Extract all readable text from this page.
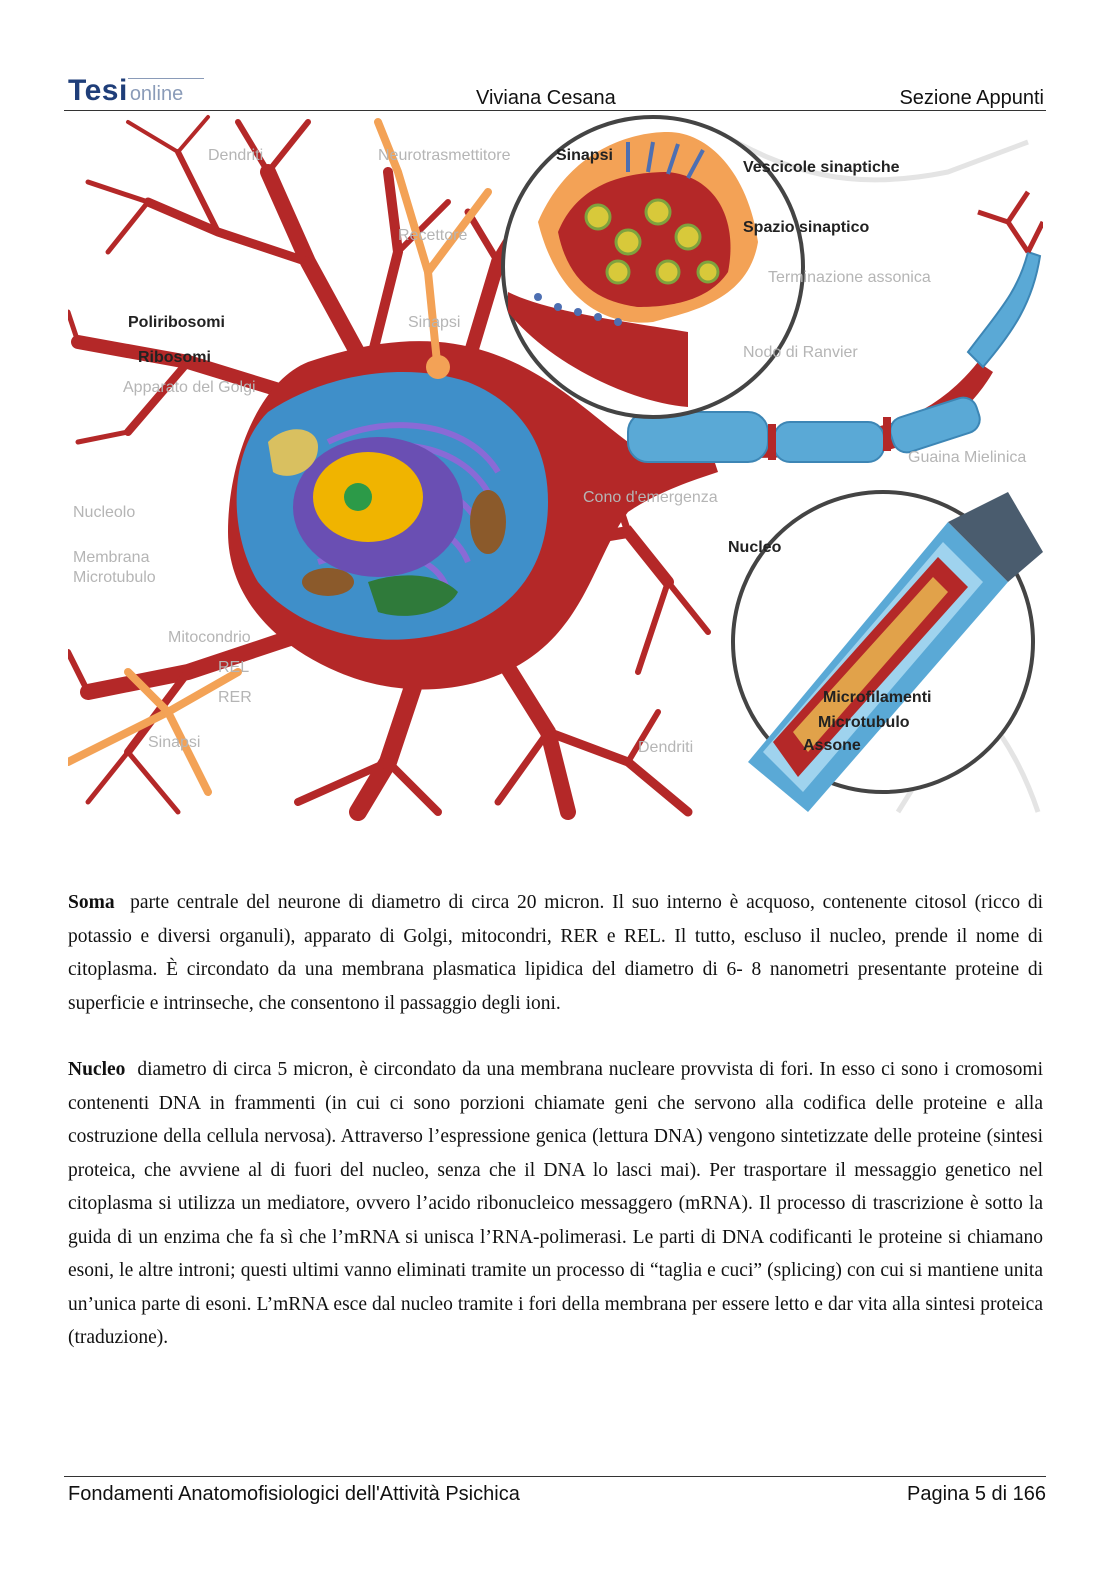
Tesi online	Viviana Cesana	Sezione Appunti
Sinapsi
Vescicole sinaptiche
Spazio sinaptico
Poliribosomi
Ribosomi
Nucleo
Microfilamenti
Microtubulo
Assone
Dendriti	Neurotrasmettitore
Recettore
Apparato del Golgi
Nucleolo
Membrana
Microtubulo
Mitocondrio
REL
Sinapsi
Terminazione assonica
Nodo di Ranvier
Guaina Mielinica
Cono d'emergenza
Dendriti
RER
Sinapsi

Soma parte centrale del neurone di diametro di circa 20 micron. Il suo interno è acquoso, contenente citosol (ricco di potassio e diversi organuli), apparato di Golgi, mitocondri, RER e REL. Il tutto, escluso il nucleo, prende il nome di citoplasma. È circondato da una membrana plasmatica lipidica del diametro di 6- 8 nanometri presentante proteine di superficie e intrinseche, che consentono il passaggio degli ioni.

Nucleo diametro di circa 5 micron, è circondato da una membrana nucleare provvista di fori. In esso ci sono i cromosomi contenenti DNA in frammenti (in cui ci sono porzioni chiamate geni che servono alla codifica delle proteine e alla costruzione della cellula nervosa). Attraverso l’espressione genica (lettura DNA) vengono sintetizzate delle proteine (sintesi proteica, che avviene al di fuori del nucleo, senza che il DNA lo lasci mai). Per trasportare il messaggio genetico nel citoplasma si utilizza un mediatore, ovvero l’acido ribonucleico messaggero (mRNA). Il processo di trascrizione è sotto la guida di un enzima che fa sì che l’mRNA si unisca l’RNA-polimerasi. Le parti di DNA codificanti le proteine si chiamano esoni, le altre introni; questi ultimi vanno eliminati tramite un processo di “taglia e cuci” (splicing) con cui si mantiene unita un’unica parte di esoni. L’mRNA esce dal nucleo tramite i fori della membrana per essere letto e dar vita alla sintesi proteica (traduzione).

Fondamenti Anatomofisiologici dell'Attività Psichica	Pagina 5 di 166
